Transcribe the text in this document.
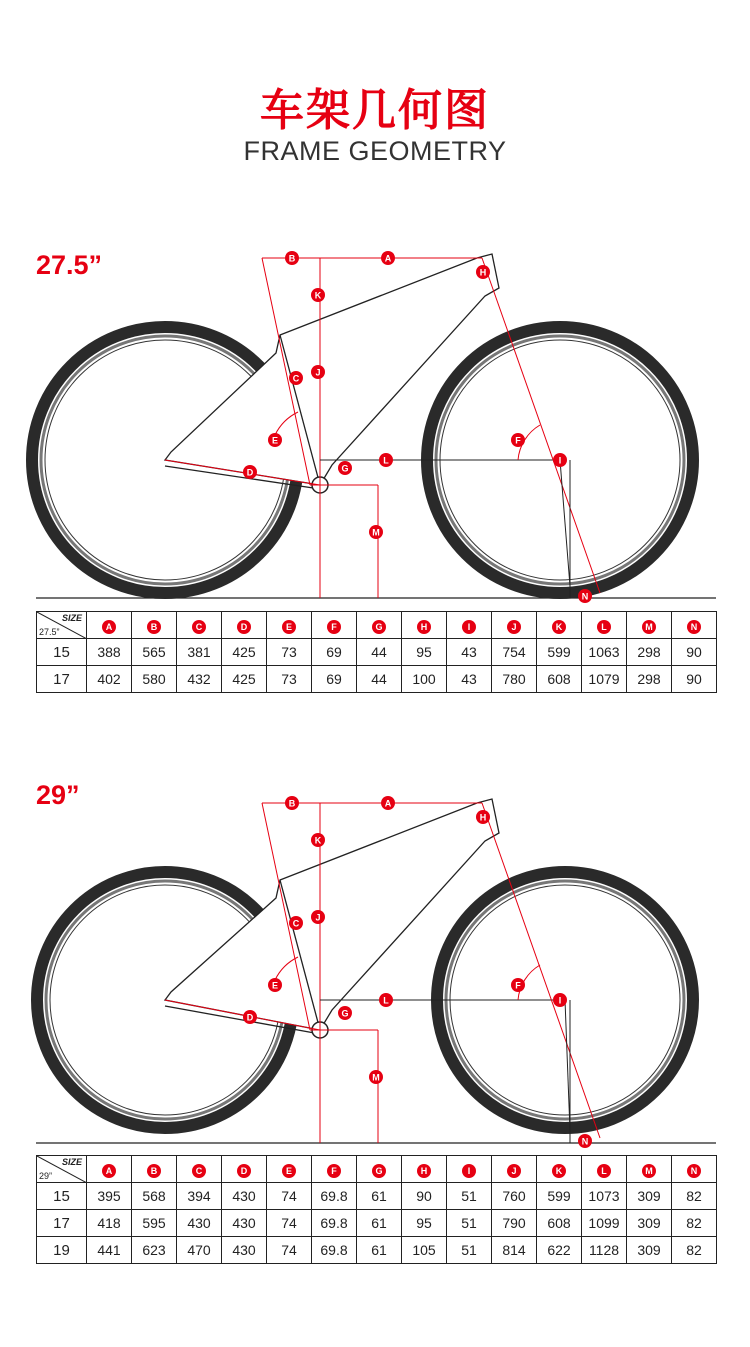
车架几何图
FRAME GEOMETRY
27.5”	A
B
C
D
E	F
G
H
I
J
K
L
M
N
SIZE
27.5”	A	B	C	D	E	F	G	H	I	J	K	L	M	N
15	388	565	381	425	73	69	44	95	43	754	599	1063	298	90
17	402	580	432	425	73	69	44	100	43	780	608	1079	298	90
29”	A
B
C
D
E	F
G
H
I
J
K
L
M
N
SIZE
29”	A	B	C	D	E	F	G	H	I	J	K	L	M	N
15	395	568	394	430	74	69.8	61	90	51	760	599	1073	309	82
17	418	595	430	430	74	69.8	61	95	51	790	608	1099	309	82
19	441	623	470	430	74	69.8	61	105	51	814	622	1128	309	82
